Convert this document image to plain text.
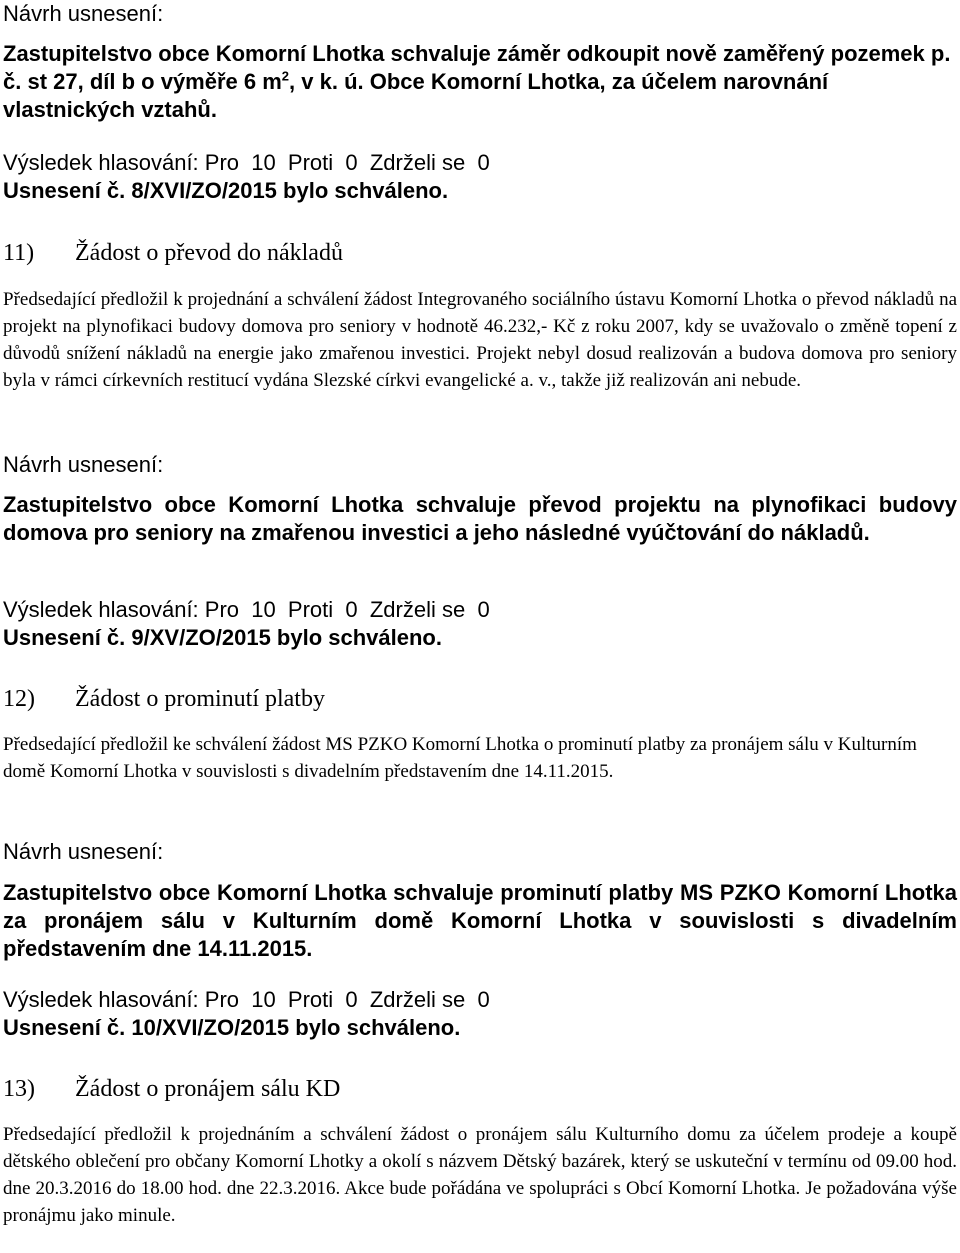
Návrh usnesení:
Zastupitelstvo obce Komorní Lhotka schvaluje záměr odkoupit nově zaměřený pozemek p. č. st 27, díl b o výměře 6 $m^2$, v k. ú. Obce Komorní Lhotka, za účelem narovnání vlastnických vztahů.
Výsledek hlasování: Pro  10  Proti  0  Zdrželi se  0
Usnesení č. 8/XVI/ZO/2015 bylo schváleno.
11)	Žádost o převod do nákladů
Předsedající předložil k projednání a schválení žádost Integrovaného sociálního ústavu Komorní Lhotka o převod nákladů na projekt na plynofikaci budovy domova pro seniory v hodnotě 46.232,- Kč z roku 2007, kdy se uvažovalo o změně topení z důvodů snížení nákladů na energie jako zmařenou investici. Projekt nebyl dosud realizován a budova domova pro seniory byla v rámci církevních restitucí vydána Slezské církvi evangelické a. v., takže již realizován ani nebude.
Návrh usnesení:
Zastupitelstvo obce Komorní Lhotka schvaluje převod projektu na plynofikaci budovy domova pro seniory na zmařenou investici a jeho následné vyúčtování do nákladů.
Výsledek hlasování: Pro  10  Proti  0  Zdrželi se  0
Usnesení č. 9/XV/ZO/2015 bylo schváleno.
12)	Žádost o prominutí platby
Předsedající předložil ke schválení žádost MS PZKO Komorní Lhotka o prominutí platby za pronájem sálu v Kulturním domě Komorní Lhotka v souvislosti s divadelním představením dne 14.11.2015.
Návrh usnesení:
Zastupitelstvo obce Komorní Lhotka schvaluje prominutí platby MS PZKO Komorní Lhotka za pronájem sálu v Kulturním domě Komorní Lhotka v souvislosti s divadelním představením dne 14.11.2015.
Výsledek hlasování: Pro  10  Proti  0  Zdrželi se  0
Usnesení č. 10/XVI/ZO/2015 bylo schváleno.
13)	Žádost o pronájem sálu KD
Předsedající předložil k projednáním a schválení žádost o pronájem sálu Kulturního domu za účelem prodeje a koupě dětského oblečení pro občany Komorní Lhotky a okolí s názvem Dětský bazárek, který se uskuteční v termínu od 09.00 hod. dne 20.3.2016 do 18.00 hod. dne 22.3.2016. Akce bude pořádána ve spolupráci s Obcí Komorní Lhotka. Je požadována výše pronájmu jako minule.
